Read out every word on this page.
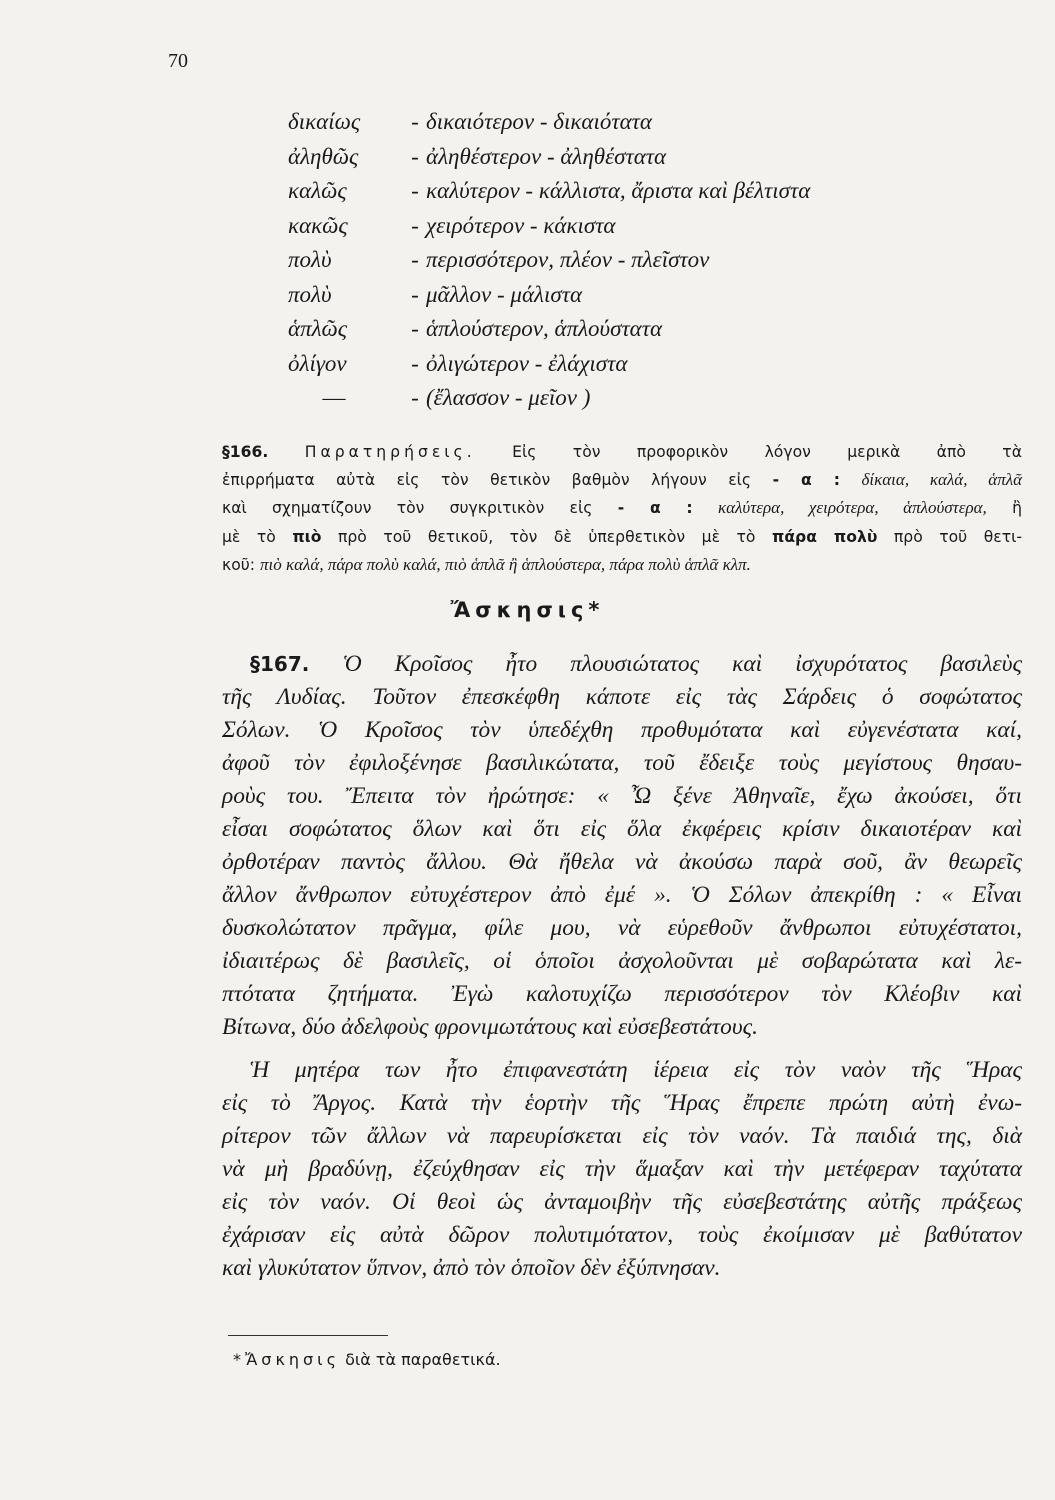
70
δικαίως	-	δικαιότερον - δικαιότατα
ἀληθῶς	-	ἀληθέστερον - ἀληθέστατα
καλῶς	-	καλύτερον - κάλλιστα, ἄριστα καὶ βέλτιστα
κακῶς	-	χειρότερον - κάκιστα
πολὺ	-	περισσότερον, πλέον - πλεῖστον
πολὺ	-	μᾶλλον - μάλιστα
ἁπλῶς	-	ἁπλούστερον, ἁπλούστατα
ὀλίγον	-	ὀλιγώτερον - ἐλάχιστα
—	-	(ἔλασσον - μεῖον )
§166. Παρατηρήσεις. Εἰς τὸν προφορικὸν λόγον μερικὰ ἀπὸ τὰ
ἐπιρρήματα αὐτὰ εἰς τὸν θετικὸν βαθμὸν λήγουν εἰς - α : δίκαια, καλά, ἁπλᾶ
καὶ σχηματίζουν τὸν συγκριτικὸν εἰς - α : καλύτερα, χειρότερα, ἁπλούστερα, ἢ
μὲ τὸ πιὸ πρὸ τοῦ θετικοῦ, τὸν δὲ ὑπερθετικὸν μὲ τὸ πάρα πολὺ πρὸ τοῦ θετι-
κοῦ: πιὸ καλά, πάρα πολὺ καλά, πιὸ ἁπλᾶ ἢ ἁπλούστερα, πάρα πολὺ ἁπλᾶ κλπ.
Ἄσκησις*
§167. Ὁ Κροῖσος ἦτο πλουσιώτατος καὶ ἰσχυρότατος βασιλεὺς
τῆς Λυδίας. Τοῦτον ἐπεσκέφθη κάποτε εἰς τὰς Σάρδεις ὁ σοφώτατος
Σόλων. Ὁ Κροῖσος τὸν ὑπεδέχθη προθυμότατα καὶ εὐγενέστατα καί,
ἀφοῦ τὸν ἐφιλοξένησε βασιλικώτατα, τοῦ ἔδειξε τοὺς μεγίστους θησαυ-
ροὺς του. Ἔπειτα τὸν ἠρώτησε: « Ὦ ξένε Ἀθηναῖε, ἔχω ἀκούσει, ὅτι
εἶσαι σοφώτατος ὅλων καὶ ὅτι εἰς ὅλα ἐκφέρεις κρίσιν δικαιοτέραν καὶ
ὀρθοτέραν παντὸς ἄλλου. Θὰ ἤθελα νὰ ἀκούσω παρὰ σοῦ, ἂν θεωρεῖς
ἄλλον ἄνθρωπον εὐτυχέστερον ἀπὸ ἐμέ ». Ὁ Σόλων ἀπεκρίθη : « Εἶναι
δυσκολώτατον πρᾶγμα, φίλε μου, νὰ εὑρεθοῦν ἄνθρωποι εὐτυχέστατοι,
ἰδιαιτέρως δὲ βασιλεῖς, οἱ ὁποῖοι ἀσχολοῦνται μὲ σοβαρώτατα καὶ λε-
πτότατα ζητήματα. Ἐγὼ καλοτυχίζω περισσότερον τὸν Κλέοβιν καὶ
Βίτωνα, δύο ἀδελφοὺς φρονιμωτάτους καὶ εὐσεβεστάτους.
Ἡ μητέρα των ἦτο ἐπιφανεστάτη ἱέρεια εἰς τὸν ναὸν τῆς Ἥρας
εἰς τὸ Ἄργος. Κατὰ τὴν ἑορτὴν τῆς Ἥρας ἔπρεπε πρώτη αὐτὴ ἐνω-
ρίτερον τῶν ἄλλων νὰ παρευρίσκεται εἰς τὸν ναόν. Τὰ παιδιά της, διὰ
νὰ μὴ βραδύνῃ, ἐζεύχθησαν εἰς τὴν ἅμαξαν καὶ τὴν μετέφεραν ταχύτατα
εἰς τὸν ναόν. Οἱ θεοὶ ὡς ἀνταμοιβὴν τῆς εὐσεβεστάτης αὐτῆς πράξεως
ἐχάρισαν εἰς αὐτὰ δῶρον πολυτιμότατον, τοὺς ἐκοίμισαν μὲ βαθύτατον
καὶ γλυκύτατον ὕπνον, ἀπὸ τὸν ὁποῖον δὲν ἐξύπνησαν.
*Ἄσκησις διὰ τὰ παραθετικά.
